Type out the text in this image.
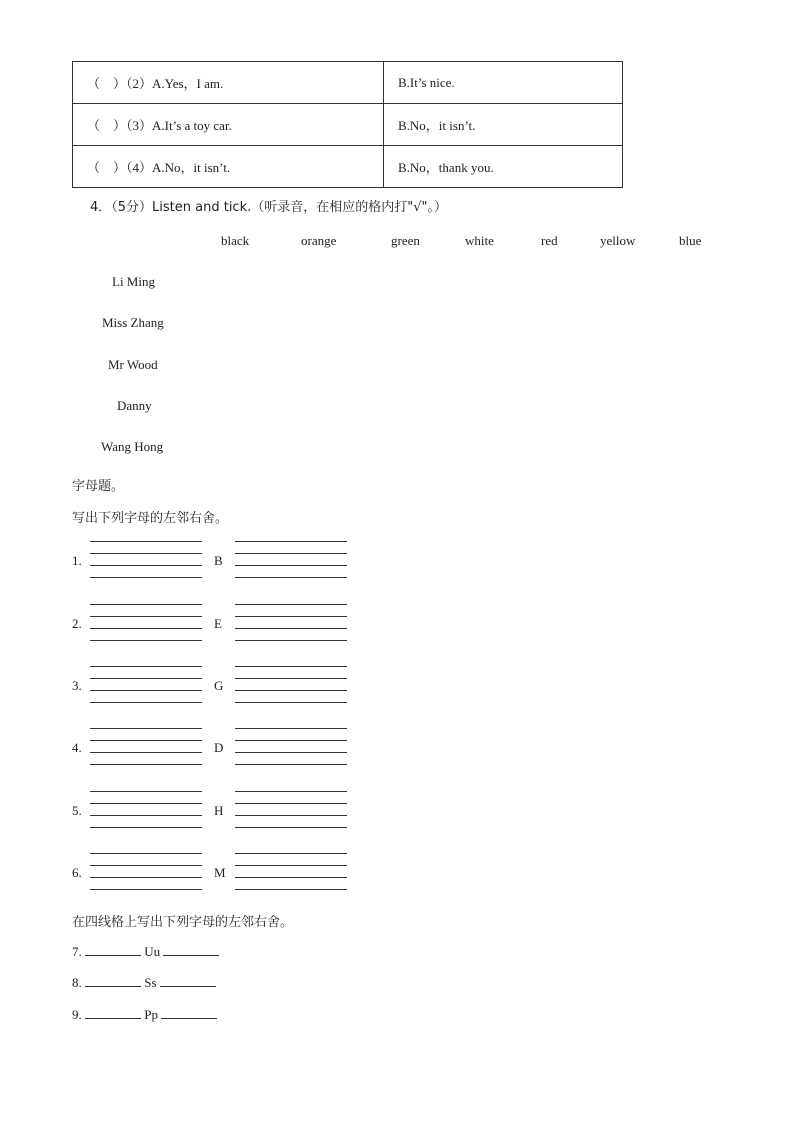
（　）（2）A.Yes，I am.	B.It’s nice.
（　）（3）A.It’s a toy car.	B.No，it isn’t.
（　）（4）A.No，it isn’t.	B.No，thank you.
4．（5分）Listen and tick.（听录音，在相应的格内打"√"。）
black	orange	green	white	red	yellow	blue
Li Ming
Miss Zhang
Mr Wood
Danny
Wang Hong
字母题。
写出下列字母的左邻右舍。
1.	B
2.	E
3.	G
4.	D
5.	H
6.	M
在四线格上写出下列字母的左邻右舍。
7.	Uu
8.	Ss
9.	Pp
